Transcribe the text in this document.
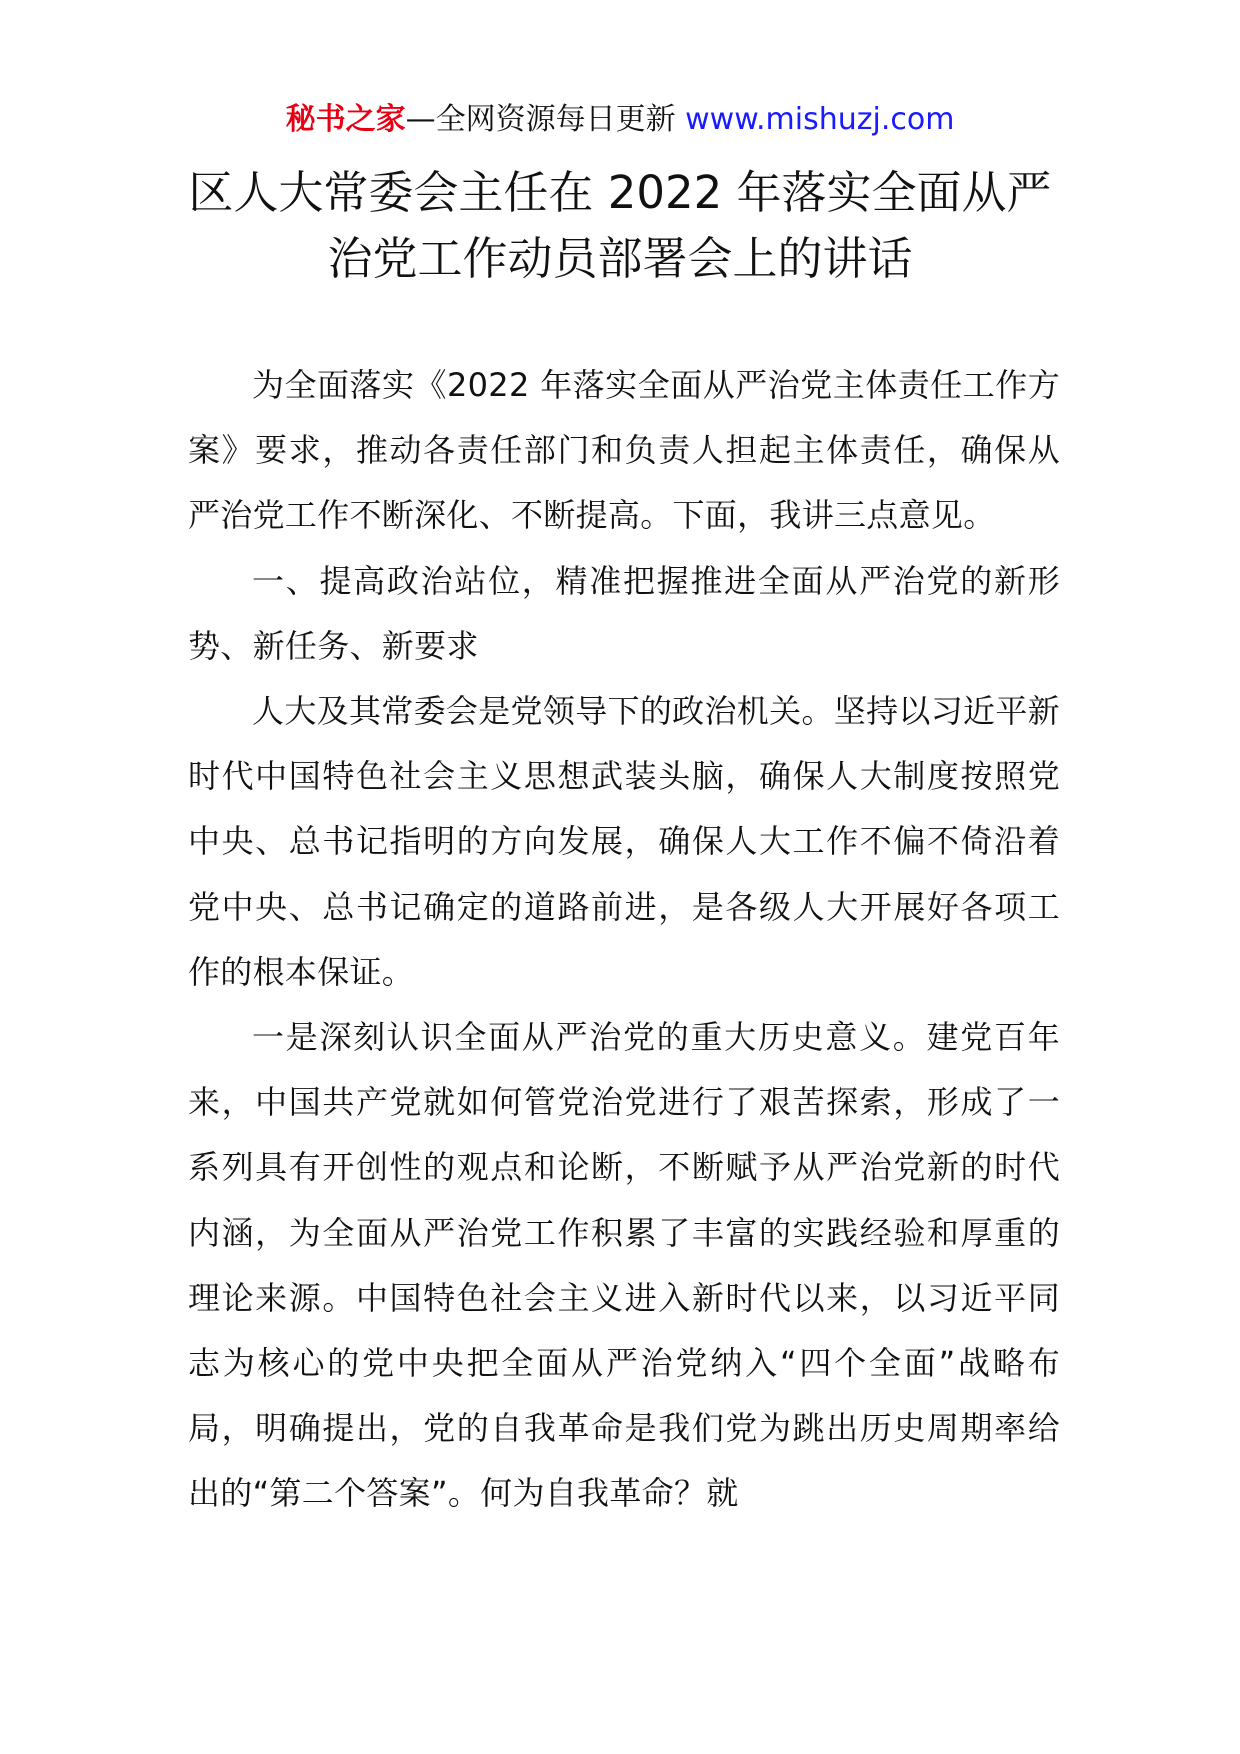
秘书之家—全网资源每日更新 www.mishuzj.com
区人大常委会主任在 2022 年落实全面从严
治党工作动员部署会上的讲话

为全面落实《2022 年落实全面从严治党主体责任工作方案》要求，推动各责任部门和负责人担起主体责任，确保从严治党工作不断深化、不断提高。下面，我讲三点意见。

一、提高政治站位，精准把握推进全面从严治党的新形势、新任务、新要求

人大及其常委会是党领导下的政治机关。坚持以习近平新时代中国特色社会主义思想武装头脑，确保人大制度按照党中央、总书记指明的方向发展，确保人大工作不偏不倚沿着党中央、总书记确定的道路前进，是各级人大开展好各项工作的根本保证。

一是深刻认识全面从严治党的重大历史意义。建党百年来，中国共产党就如何管党治党进行了艰苦探索，形成了一系列具有开创性的观点和论断，不断赋予从严治党新的时代内涵，为全面从严治党工作积累了丰富的实践经验和厚重的理论来源。中国特色社会主义进入新时代以来，以习近平同志为核心的党中央把全面从严治党纳入“四个全面”战略布局，明确提出，党的自我革命是我们党为跳出历史周期率给出的“第二个答案”。何为自我革命？就
